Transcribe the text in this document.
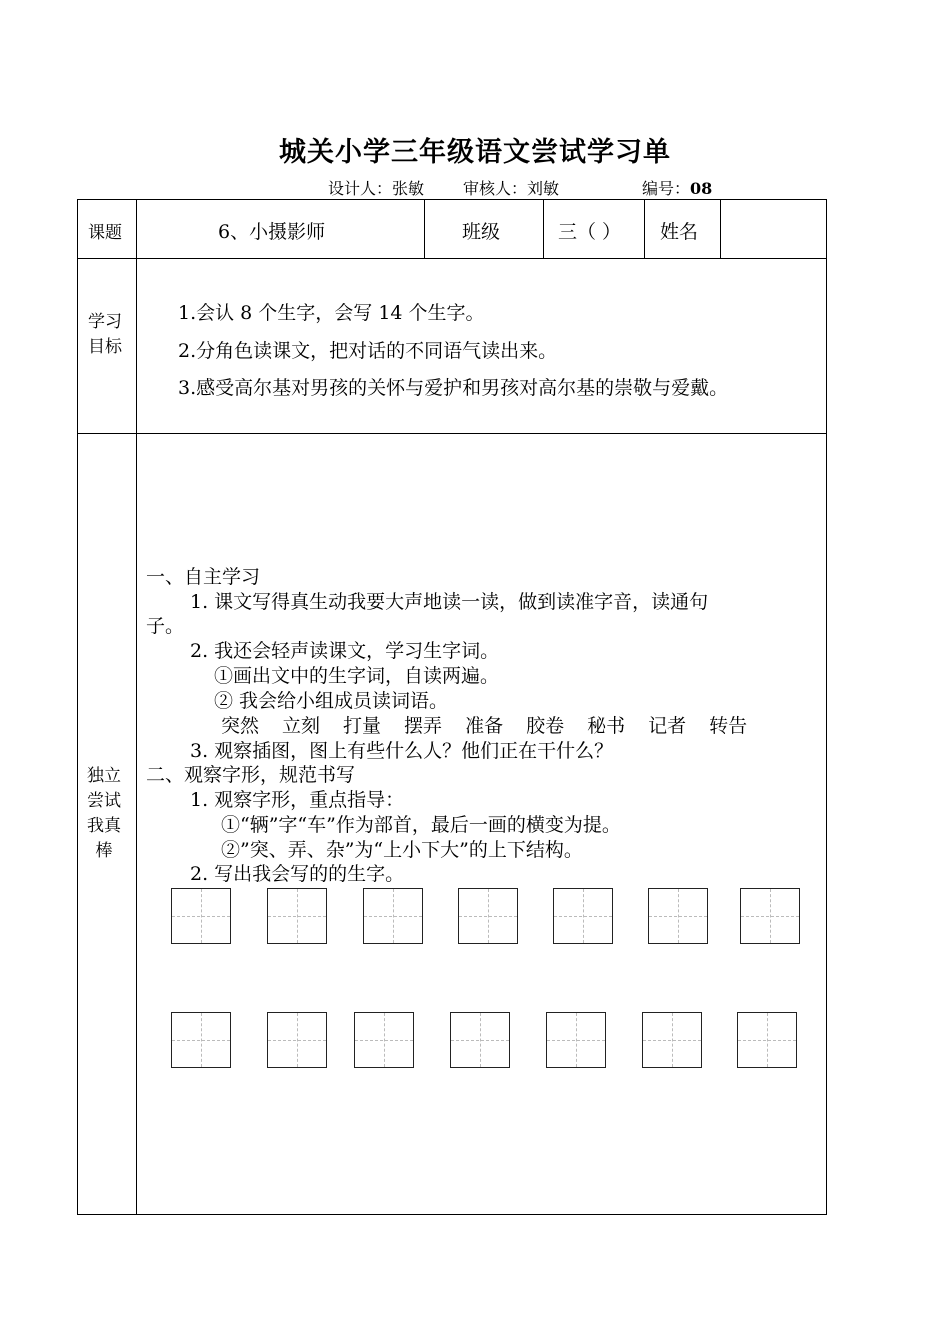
城关小学三年级语文尝试学习单
设计人：张敏 审核人：刘敏	编号：08
课题	6、小摄影师	班级	三（ ） 姓名
学习
目标
1.会认 8 个生字，会写 14 个生字。
2.分角色读课文，把对话的不同语气读出来。
3.感受高尔基对男孩的关怀与爱护和男孩对高尔基的崇敬与爱戴。
独立
尝试
我真
棒
一、自主学习
1. 课文写得真生动我要大声地读一读，做到读准字音，读通句
子。
2. 我还会轻声读课文，学习生字词。
①画出文中的生字词，自读两遍。
② 我会给小组成员读词语。
突然 立刻 打量 摆弄 准备 胶卷 秘书 记者 转告
3. 观察插图，图上有些什么人？他们正在干什么？
二、观察字形，规范书写
1. 观察字形，重点指导：
①“辆”字“车”作为部首，最后一画的横变为提。
②”突、弄、杂”为“上小下大”的上下结构。
2. 写出我会写的的生字。
